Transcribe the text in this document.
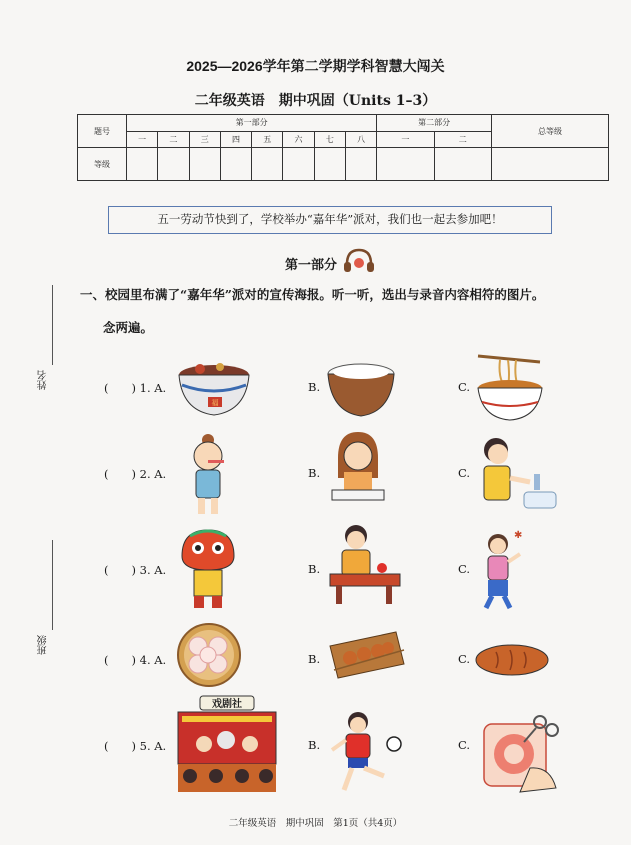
2025—2026学年第二学期学科智慧大闯关
二年级英语　期中巩固（Units 1–3）
题号	第一部分								第二部分		总等级
	一	二	三	四	五	六	七	八	一	二	
等级											
五一劳动节快到了，学校举办“嘉年华”派对，我们也一起去参加吧！
第一部分
一、校园里布满了“嘉年华”派对的宣传海报。听一听，选出与录音内容相符的图片。
念两遍。
姓名
班级
(　　) 1. A.	B.	C.
福
(　　) 2. A.	B.	C.
(　　) 3. A.	B.	C.
✱
(　　) 4. A.	B.	C.
(　　) 5. A.	B.	C.
戏剧社
二年级英语　期中巩固　第1页（共4页）
